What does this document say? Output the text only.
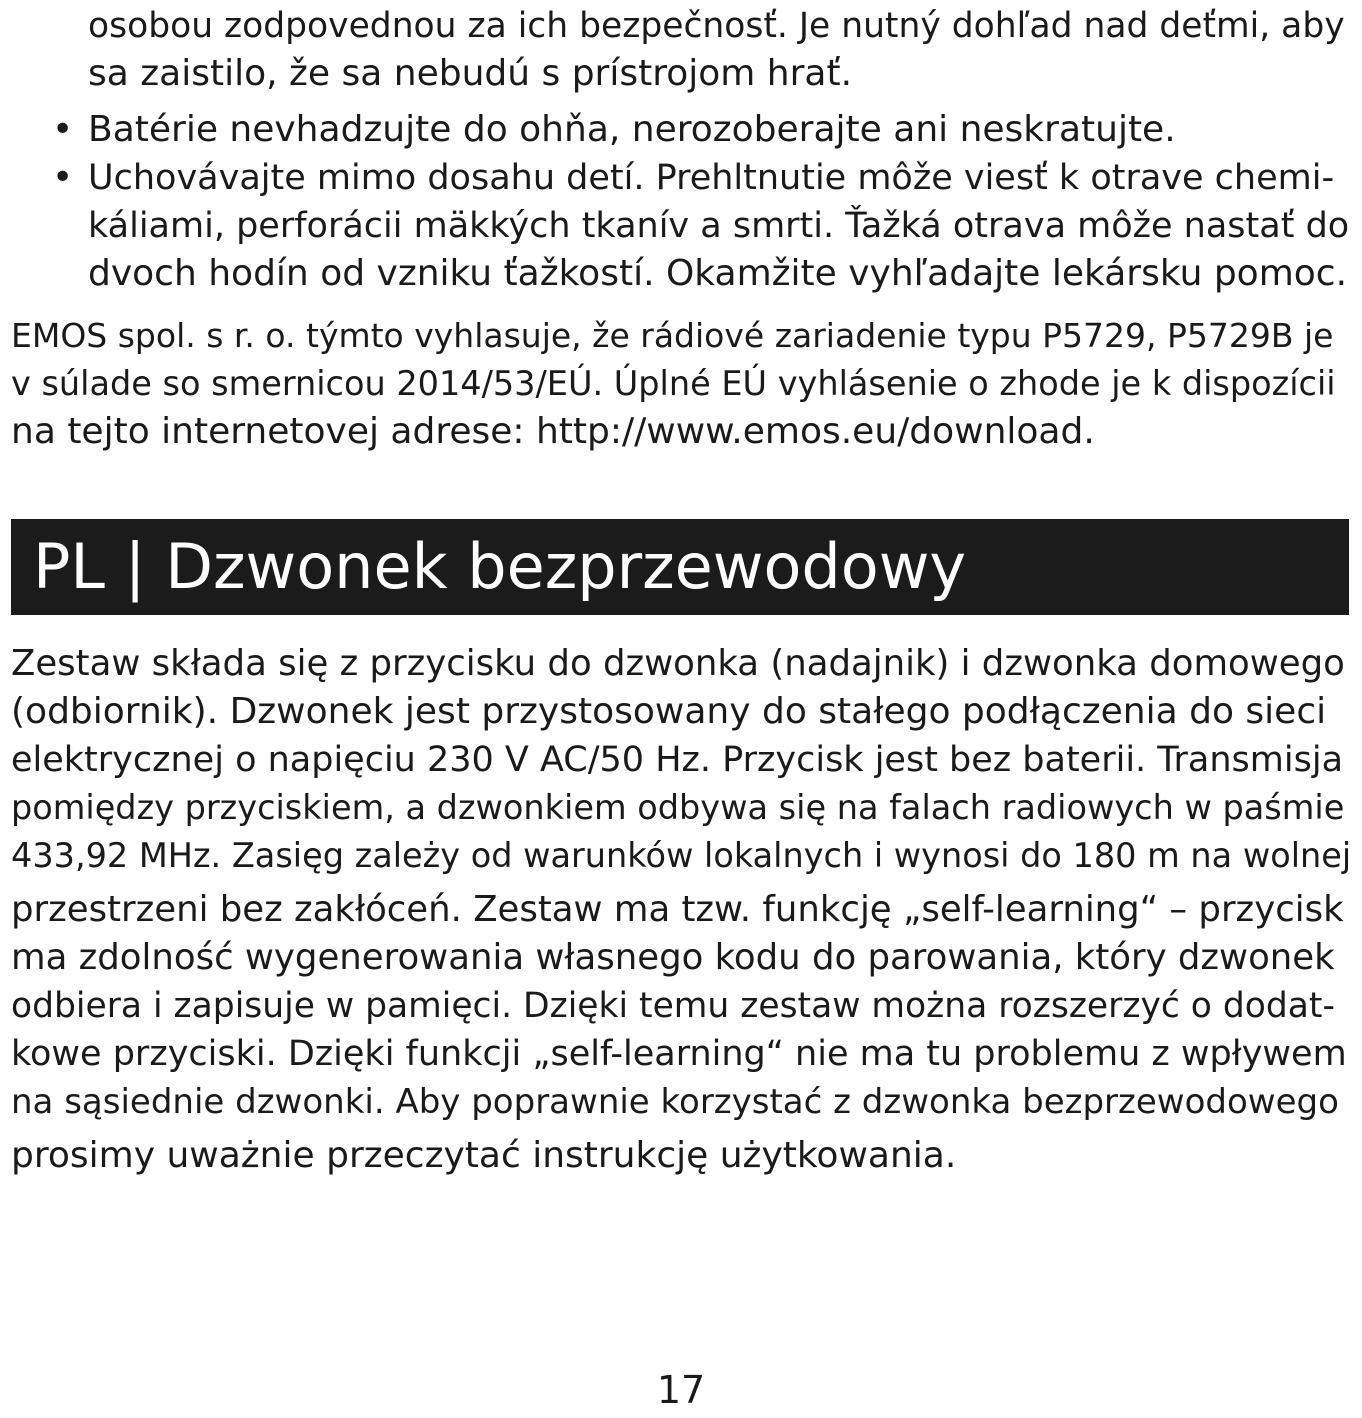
osobou zodpovednou za ich bezpečnosť. Je nutný dohľad nad deťmi, aby
sa zaistilo, že sa nebudú s prístrojom hrať.
• Batérie nevhadzujte do ohňa, nerozoberajte ani neskratujte.
• Uchovávajte mimo dosahu detí. Prehltnutie môže viesť k otrave chemi-
káliami, perforácii mäkkých tkanív a smrti. Ťažká otrava môže nastať do
dvoch hodín od vzniku ťažkostí. Okamžite vyhľadajte lekársku pomoc.
EMOS spol. s r. o. týmto vyhlasuje, že rádiové zariadenie typu P5729, P5729B je
v súlade so smernicou 2014/53/EÚ. Úplné EÚ vyhlásenie o zhode je k dispozícii
na tejto internetovej adrese: http://www.emos.eu/download.
PL | Dzwonek bezprzewodowy
Zestaw składa się z przycisku do dzwonka (nadajnik) i dzwonka domowego
(odbiornik). Dzwonek jest przystosowany do stałego podłączenia do sieci
elektrycznej o napięciu 230 V AC/50 Hz. Przycisk jest bez baterii. Transmisja
pomiędzy przyciskiem, a dzwonkiem odbywa się na falach radiowych w paśmie
433,92 MHz. Zasięg zależy od warunków lokalnych i wynosi do 180 m na wolnej
przestrzeni bez zakłóceń. Zestaw ma tzw. funkcję „self-learning“ – przycisk
ma zdolność wygenerowania własnego kodu do parowania, który dzwonek
odbiera i zapisuje w pamięci. Dzięki temu zestaw można rozszerzyć o dodat-
kowe przyciski. Dzięki funkcji „self-learning“ nie ma tu problemu z wpływem
na sąsiednie dzwonki. Aby poprawnie korzystać z dzwonka bezprzewodowego
prosimy uważnie przeczytać instrukcję użytkowania.
17
